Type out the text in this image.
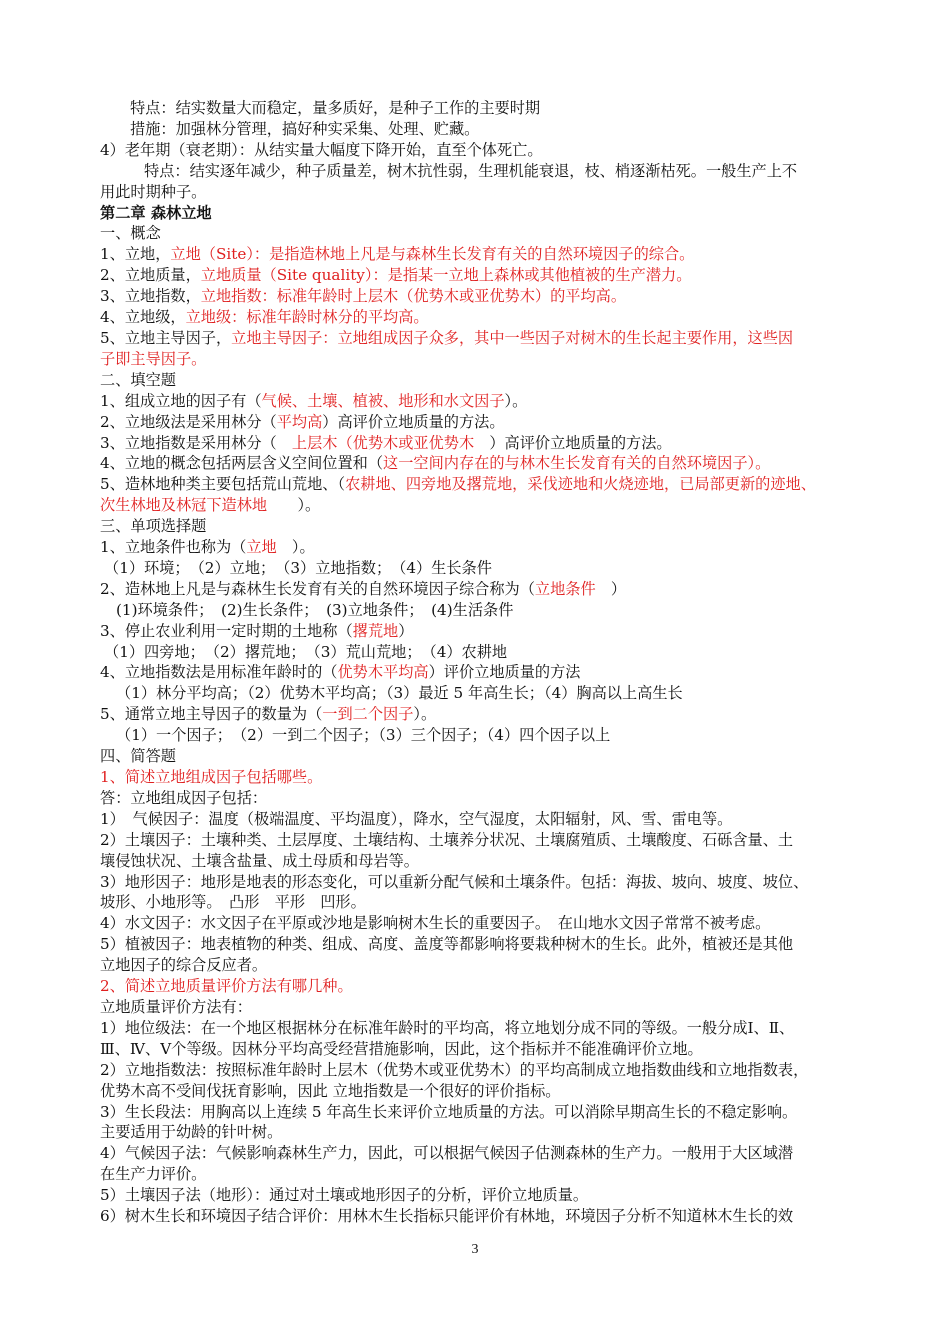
特点：结实数量大而稳定，量多质好，是种子工作的主要时期
措施：加强林分管理，搞好种实采集、处理、贮藏。
4）老年期（衰老期）：从结实量大幅度下降开始，直至个体死亡。
特点：结实逐年减少，种子质量差，树木抗性弱，生理机能衰退，枝、梢逐渐枯死。一般生产上不
用此时期种子。
第二章 森林立地
一、概念
1、立地，立地（Site）：是指造林地上凡是与森林生长发育有关的自然环境因子的综合。
2、立地质量，立地质量（Site quality）：是指某一立地上森林或其他植被的生产潜力。
3、立地指数，立地指数：标准年龄时上层木（优势木或亚优势木）的平均高。
4、立地级，立地级：标准年龄时林分的平均高。
5、立地主导因子，立地主导因子：立地组成因子众多，其中一些因子对树木的生长起主要作用，这些因
子即主导因子。
二、填空题
1、组成立地的因子有（气候、土壤、植被、地形和水文因子）。
2、立地级法是采用林分（平均高）高评价立地质量的方法。
3、立地指数是采用林分（　上层木（优势木或亚优势木　）高评价立地质量的方法。
4、立地的概念包括两层含义空间位置和（这一空间内存在的与林木生长发育有关的自然环境因子）。
5、造林地种类主要包括荒山荒地、（农耕地、四旁地及撂荒地，采伐迹地和火烧迹地，已局部更新的迹地、
次生林地及林冠下造林地　　）。
三、单项选择题
1、立地条件也称为（立地　）。
（1）环境；　（2）立地；　（3）立地指数；　（4）生长条件
2、造林地上凡是与森林生长发育有关的自然环境因子综合称为（立地条件　）
(1)环境条件；　(2)生长条件；　(3)立地条件；　(4)生活条件
3、停止农业利用一定时期的土地称（撂荒地）
（1）四旁地；　（2）撂荒地；　（3）荒山荒地；　（4）农耕地
4、立地指数法是用标准年龄时的（优势木平均高）评价立地质量的方法
（1）林分平均高；（2）优势木平均高；（3）最近 5 年高生长；（4）胸高以上高生长
5、通常立地主导因子的数量为（一到二个因子）。
（1）一个因子；　（2）一到二个因子；（3）三个因子；（4）四个因子以上
四、简答题
1、简述立地组成因子包括哪些。
答：立地组成因子包括：
1）　气候因子：温度（极端温度、平均温度），降水，空气湿度，太阳辐射，风、雪、雷电等。
2）土壤因子：土壤种类、土层厚度、土壤结构、土壤养分状况、土壤腐殖质、土壤酸度、石砾含量、土
壤侵蚀状况、土壤含盐量、成土母质和母岩等。
3）地形因子：地形是地表的形态变化，可以重新分配气候和土壤条件。包括：海拔、坡向、坡度、坡位、
坡形、小地形等。　凸形　平形　凹形。
4）水文因子：水文因子在平原或沙地是影响树木生长的重要因子。　在山地水文因子常常不被考虑。
5）植被因子：地表植物的种类、组成、高度、盖度等都影响将要栽种树木的生长。此外，植被还是其他
立地因子的综合反应者。
2、简述立地质量评价方法有哪几种。
立地质量评价方法有：
1）地位级法：在一个地区根据林分在标准年龄时的平均高，将立地划分成不同的等级。一般分成Ⅰ、Ⅱ、
Ⅲ、Ⅳ、Ⅴ个等级。因林分平均高受经营措施影响，因此，这个指标并不能准确评价立地。
2）立地指数法：按照标准年龄时上层木（优势木或亚优势木）的平均高制成立地指数曲线和立地指数表，
优势木高不受间伐抚育影响，因此 立地指数是一个很好的评价指标。
3）生长段法：用胸高以上连续 5 年高生长来评价立地质量的方法。可以消除早期高生长的不稳定影响。
主要适用于幼龄的针叶树。
4）气候因子法：气候影响森林生产力，因此，可以根据气候因子估测森林的生产力。一般用于大区域潜
在生产力评价。
5）土壤因子法（地形）：通过对土壤或地形因子的分析，评价立地质量。
6）树木生长和环境因子结合评价：用林木生长指标只能评价有林地，环境因子分析不知道林木生长的效
3
